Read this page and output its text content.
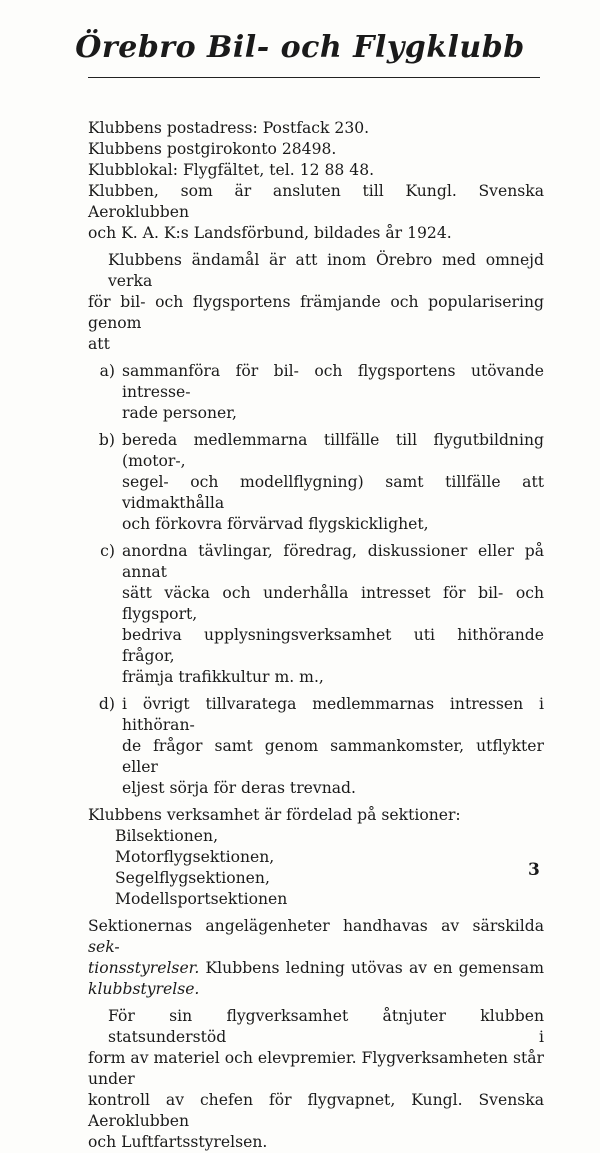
Örebro Bil- och Flygklubb
Klubbens postadress: Postfack 230.
Klubbens postgirokonto 28498.
Klubblokal: Flygfältet, tel. 12 88 48.
Klubben, som är ansluten till Kungl. Svenska Aeroklubben
och K. A. K:s Landsförbund, bildades år 1924.
Klubbens ändamål är att inom Örebro med omnejd verka
för bil- och flygsportens främjande och popularisering genom
att
a) sammanföra för bil- och flygsportens utövande intresse-
rade personer,
b) bereda medlemmarna tillfälle till flygutbildning (motor-,
segel- och modellflygning) samt tillfälle att vidmakthålla
och förkovra förvärvad flygskicklighet,
c) anordna tävlingar, föredrag, diskussioner eller på annat
sätt väcka och underhålla intresset för bil- och flygsport,
bedriva upplysningsverksamhet uti hithörande frågor,
främja trafikkultur m. m.,
d) i övrigt tillvaratega medlemmarnas intressen i hithöran-
de frågor samt genom sammankomster, utflykter eller
eljest sörja för deras trevnad.
Klubbens verksamhet är fördelad på sektioner:
Bilsektionen,
Motorflygsektionen,
Segelflygsektionen,
Modellsportsektionen
Sektionernas angelägenheter handhavas av särskilda sek-
tionsstyrelser. Klubbens ledning utövas av en gemensam
klubbstyrelse.
För sin flygverksamhet åtnjuter klubben statsunderstöd i
form av materiel och elevpremier. Flygverksamheten står under
kontroll av chefen för flygvapnet, Kungl. Svenska Aeroklubben
och Luftfartsstyrelsen.
3
